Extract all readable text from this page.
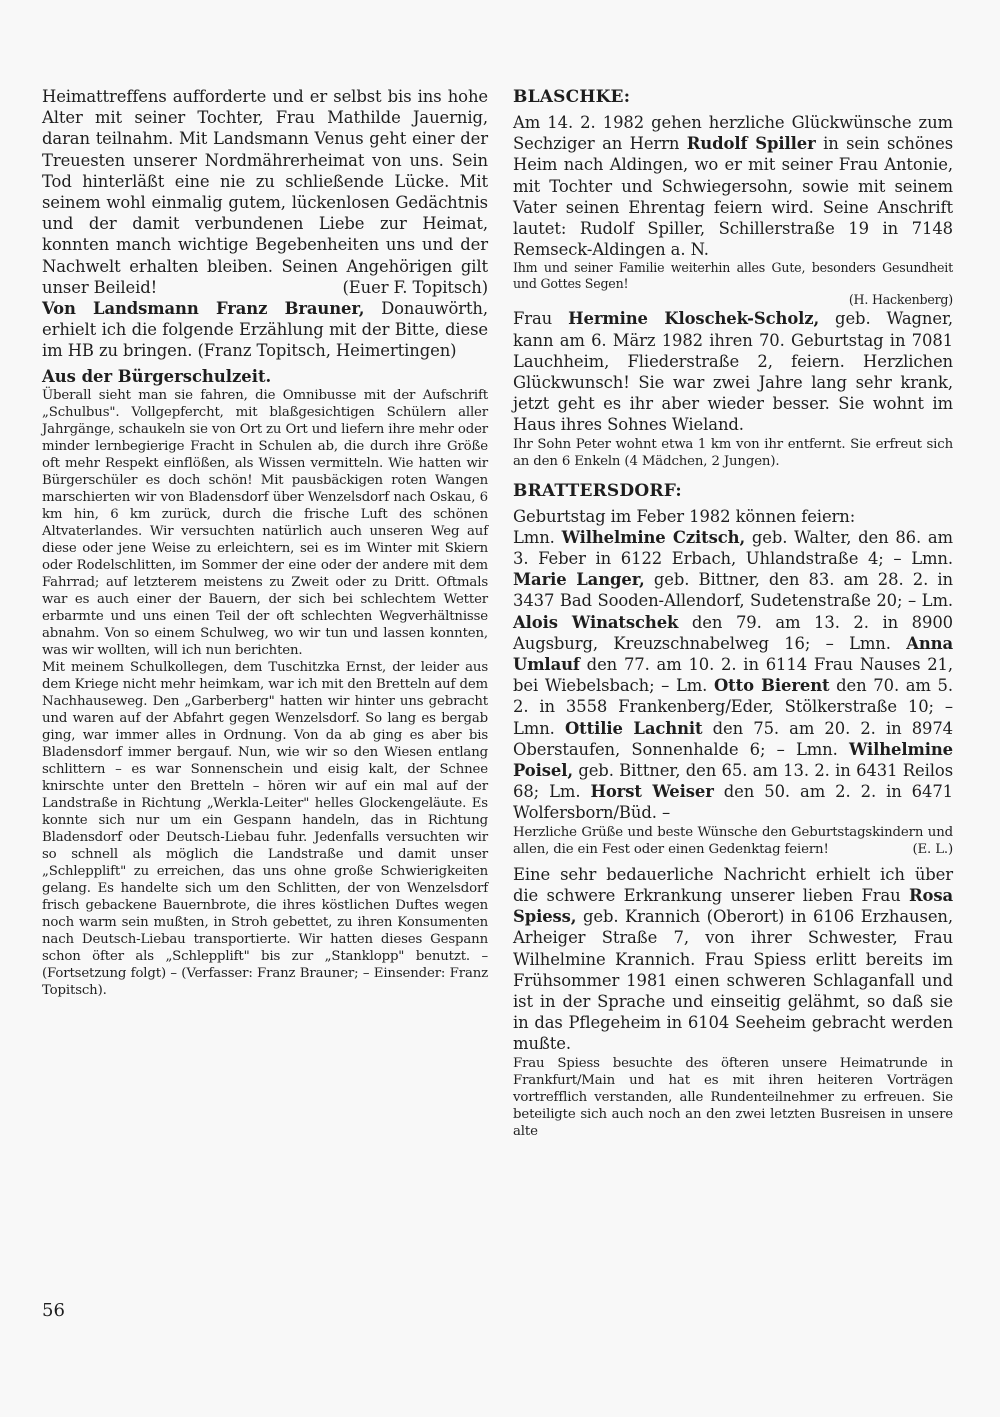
Heimattreffens aufforderte und er selbst bis ins hohe Alter mit seiner Tochter, Frau Mathilde Jauernig, daran teilnahm. Mit Landsmann Venus geht einer der Treuesten unserer Nordmährerheimat von uns. Sein Tod hinterläßt eine nie zu schließende Lücke. Mit seinem wohl einmalig gutem, lückenlosen Gedächtnis und der damit verbundenen Liebe zur Heimat, konnten manch wichtige Begebenheiten uns und der Nachwelt erhalten bleiben. Seinen Angehörigen gilt unser Beileid!	(Euer F. Topitsch)

Von Landsmann Franz Brauner, Donauwörth, erhielt ich die folgende Erzählung mit der Bitte, diese im HB zu bringen. (Franz Topitsch, Heimertingen)

Aus der Bürgerschulzeit.

Überall sieht man sie fahren, die Omnibusse mit der Aufschrift „Schulbus". Vollgepfercht, mit blaßgesichtigen Schülern aller Jahrgänge, schaukeln sie von Ort zu Ort und liefern ihre mehr oder minder lernbegierige Fracht in Schulen ab, die durch ihre Größe oft mehr Respekt einflößen, als Wissen vermitteln. Wie hatten wir Bürgerschüler es doch schön! Mit pausbäckigen roten Wangen marschierten wir von Bladensdorf über Wenzelsdorf nach Oskau, 6 km hin, 6 km zurück, durch die frische Luft des schönen Altvaterlandes. Wir versuchten natürlich auch unseren Weg auf diese oder jene Weise zu erleichtern, sei es im Winter mit Skiern oder Rodelschlitten, im Sommer der eine oder der andere mit dem Fahrrad; auf letzterem meistens zu Zweit oder zu Dritt. Oftmals war es auch einer der Bauern, der sich bei schlechtem Wetter erbarmte und uns einen Teil der oft schlechten Wegverhältnisse abnahm. Von so einem Schulweg, wo wir tun und lassen konnten, was wir wollten, will ich nun berichten.

Mit meinem Schulkollegen, dem Tuschitzka Ernst, der leider aus dem Kriege nicht mehr heimkam, war ich mit den Bretteln auf dem Nachhauseweg. Den „Garberberg" hatten wir hinter uns gebracht und waren auf der Abfahrt gegen Wenzelsdorf. So lang es bergab ging, war immer alles in Ordnung. Von da ab ging es aber bis Bladensdorf immer bergauf. Nun, wie wir so den Wiesen entlang schlittern – es war Sonnenschein und eisig kalt, der Schnee knirschte unter den Bretteln – hören wir auf ein mal auf der Landstraße in Richtung „Werkla-Leiter" helles Glockengeläute. Es konnte sich nur um ein Gespann handeln, das in Richtung Bladensdorf oder Deutsch-Liebau fuhr. Jedenfalls versuchten wir so schnell als möglich die Landstraße und damit unser „Schlepplift" zu erreichen, das uns ohne große Schwierigkeiten gelang. Es handelte sich um den Schlitten, der von Wenzelsdorf frisch gebackene Bauernbrote, die ihres köstlichen Duftes wegen noch warm sein mußten, in Stroh gebettet, zu ihren Konsumenten nach Deutsch-Liebau transportierte. Wir hatten dieses Gespann schon öfter als „Schlepplift" bis zur „Stanklopp" benutzt. – (Fortsetzung folgt) – (Verfasser: Franz Brauner; – Einsender: Franz Topitsch).

BLASCHKE:

Am 14. 2. 1982 gehen herzliche Glückwünsche zum Sechziger an Herrn Rudolf Spiller in sein schönes Heim nach Aldingen, wo er mit seiner Frau Antonie, mit Tochter und Schwiegersohn, sowie mit seinem Vater seinen Ehrentag feiern wird. Seine Anschrift lautet: Rudolf Spiller, Schillerstraße 19 in 7148 Remseck-Aldingen a. N.

Ihm und seiner Familie weiterhin alles Gute, besonders Gesundheit und Gottes Segen!

(H. Hackenberg)

Frau Hermine Kloschek-Scholz, geb. Wagner, kann am 6. März 1982 ihren 70. Geburtstag in 7081 Lauchheim, Fliederstraße 2, feiern. Herzlichen Glückwunsch! Sie war zwei Jahre lang sehr krank, jetzt geht es ihr aber wieder besser. Sie wohnt im Haus ihres Sohnes Wieland.

Ihr Sohn Peter wohnt etwa 1 km von ihr entfernt. Sie erfreut sich an den 6 Enkeln (4 Mädchen, 2 Jungen).

BRATTERSDORF:

Geburtstag im Feber 1982 können feiern:

Lmn. Wilhelmine Czitsch, geb. Walter, den 86. am 3. Feber in 6122 Erbach, Uhlandstraße 4; – Lmn. Marie Langer, geb. Bittner, den 83. am 28. 2. in 3437 Bad Sooden-Allendorf, Sudetenstraße 20; – Lm. Alois Winatschek den 79. am 13. 2. in 8900 Augsburg, Kreuzschnabelweg 16; – Lmn. Anna Umlauf den 77. am 10. 2. in 6114 Frau Nauses 21, bei Wiebelsbach; – Lm. Otto Bierent den 70. am 5. 2. in 3558 Frankenberg/Eder, Stölkerstraße 10; – Lmn. Ottilie Lachnit den 75. am 20. 2. in 8974 Oberstaufen, Sonnenhalde 6; – Lmn. Wilhelmine Poisel, geb. Bittner, den 65. am 13. 2. in 6431 Reilos 68; Lm. Horst Weiser den 50. am 2. 2. in 6471 Wolfersborn/Büd. –

Herzliche Grüße und beste Wünsche den Geburtstagskindern und allen, die ein Fest oder einen Gedenktag feiern!	(E. L.)

Eine sehr bedauerliche Nachricht erhielt ich über die schwere Erkrankung unserer lieben Frau Rosa Spiess, geb. Krannich (Oberort) in 6106 Erzhausen, Arheiger Straße 7, von ihrer Schwester, Frau Wilhelmine Krannich. Frau Spiess erlitt bereits im Frühsommer 1981 einen schweren Schlaganfall und ist in der Sprache und einseitig gelähmt, so daß sie in das Pflegeheim in 6104 Seeheim gebracht werden mußte.

Frau Spiess besuchte des öfteren unsere Heimatrunde in Frankfurt/Main und hat es mit ihren heiteren Vorträgen vortrefflich verstanden, alle Rundenteilnehmer zu erfreuen. Sie beteiligte sich auch noch an den zwei letzten Busreisen in unsere alte

56
